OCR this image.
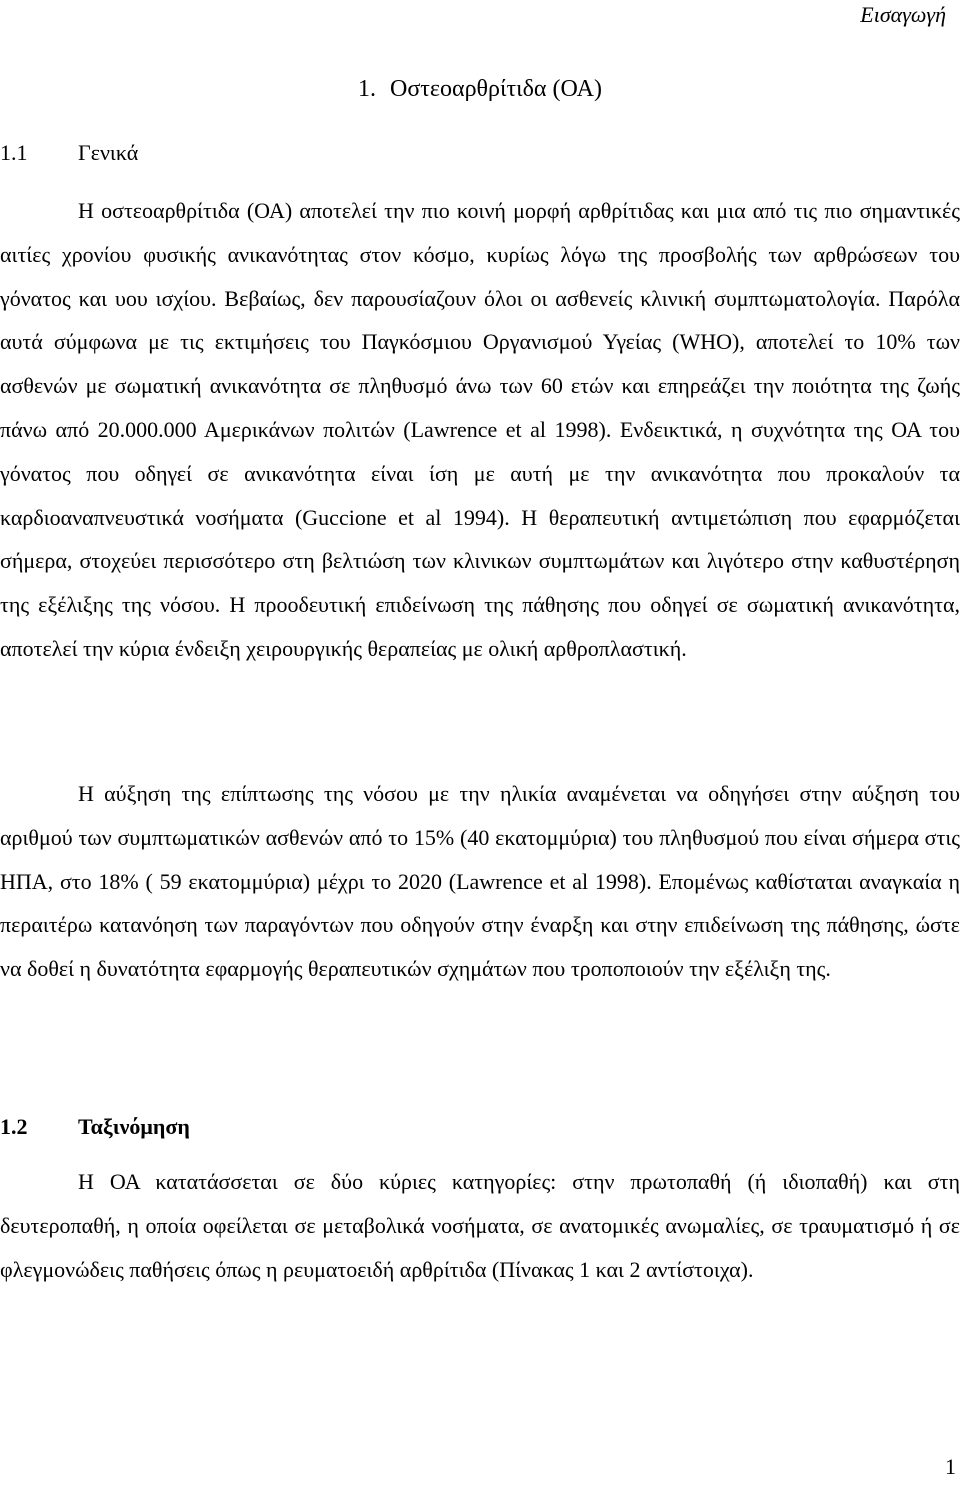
Εισαγωγή
1. Οστεοαρθρίτιδα (ΟΑ)
1.1 Γενικά

Η οστεοαρθρίτιδα (ΟΑ) αποτελεί την πιο κοινή μορφή αρθρίτιδας και μια από τις πιο σημαντικές αιτίες χρονίου φυσικής ανικανότητας στον κόσμο, κυρίως λόγω της προσβολής των αρθρώσεων του γόνατος και υου ισχίου. Βεβαίως, δεν παρουσίαζουν όλοι οι ασθενείς κλινική συμπτωματολογία. Παρόλα αυτά σύμφωνα με τις εκτιμήσεις του Παγκόσμιου Οργανισμού Υγείας (WHO), αποτελεί το 10% των ασθενών με σωματική ανικανότητα σε πληθυσμό άνω των 60 ετών και επηρεάζει την ποιότητα της ζωής πάνω από 20.000.000 Αμερικάνων πολιτών (Lawrence et al 1998). Ενδεικτικά, η συχνότητα της ΟΑ του γόνατος που οδηγεί σε ανικανότητα είναι ίση με αυτή με την ανικανότητα που προκαλούν τα καρδιοαναπνευστικά νοσήματα (Guccione et al 1994). Η θεραπευτική αντιμετώπιση που εφαρμόζεται σήμερα, στοχεύει περισσότερο στη βελτιώση των κλινικων συμπτωμάτων και λιγότερο στην καθυστέρηση της εξέλιξης της νόσου. Η προοδευτική επιδείνωση της πάθησης που οδηγεί σε σωματική ανικανότητα, αποτελεί την κύρια ένδειξη χειρουργικής θεραπείας με ολική αρθροπλαστική.

Η αύξηση της επίπτωσης της νόσου με την ηλικία αναμένεται να οδηγήσει στην αύξηση του αριθμού των συμπτωματικών ασθενών από το 15% (40 εκατομμύρια) του πληθυσμού που είναι σήμερα στις ΗΠΑ, στο 18% ( 59 εκατομμύρια) μέχρι το 2020 (Lawrence et al 1998). Επομένως καθίσταται αναγκαία η περαιτέρω κατανόηση των παραγόντων που οδηγούν στην έναρξη και στην επιδείνωση της πάθησης, ώστε να δοθεί η δυνατότητα εφαρμογής θεραπευτικών σχημάτων που τροποποιούν την εξέλιξη της.

1.2 Ταξινόμηση

Η ΟΑ κατατάσσεται σε δύο κύριες κατηγορίες: στην πρωτοπαθή (ή ιδιοπαθή) και στη δευτεροπαθή, η οποία οφείλεται σε μεταβολικά νοσήματα, σε ανατομικές ανωμαλίες, σε τραυματισμό ή σε φλεγμονώδεις παθήσεις όπως η ρευματοειδή αρθρίτιδα (Πίνακας 1 και 2 αντίστοιχα).

1
